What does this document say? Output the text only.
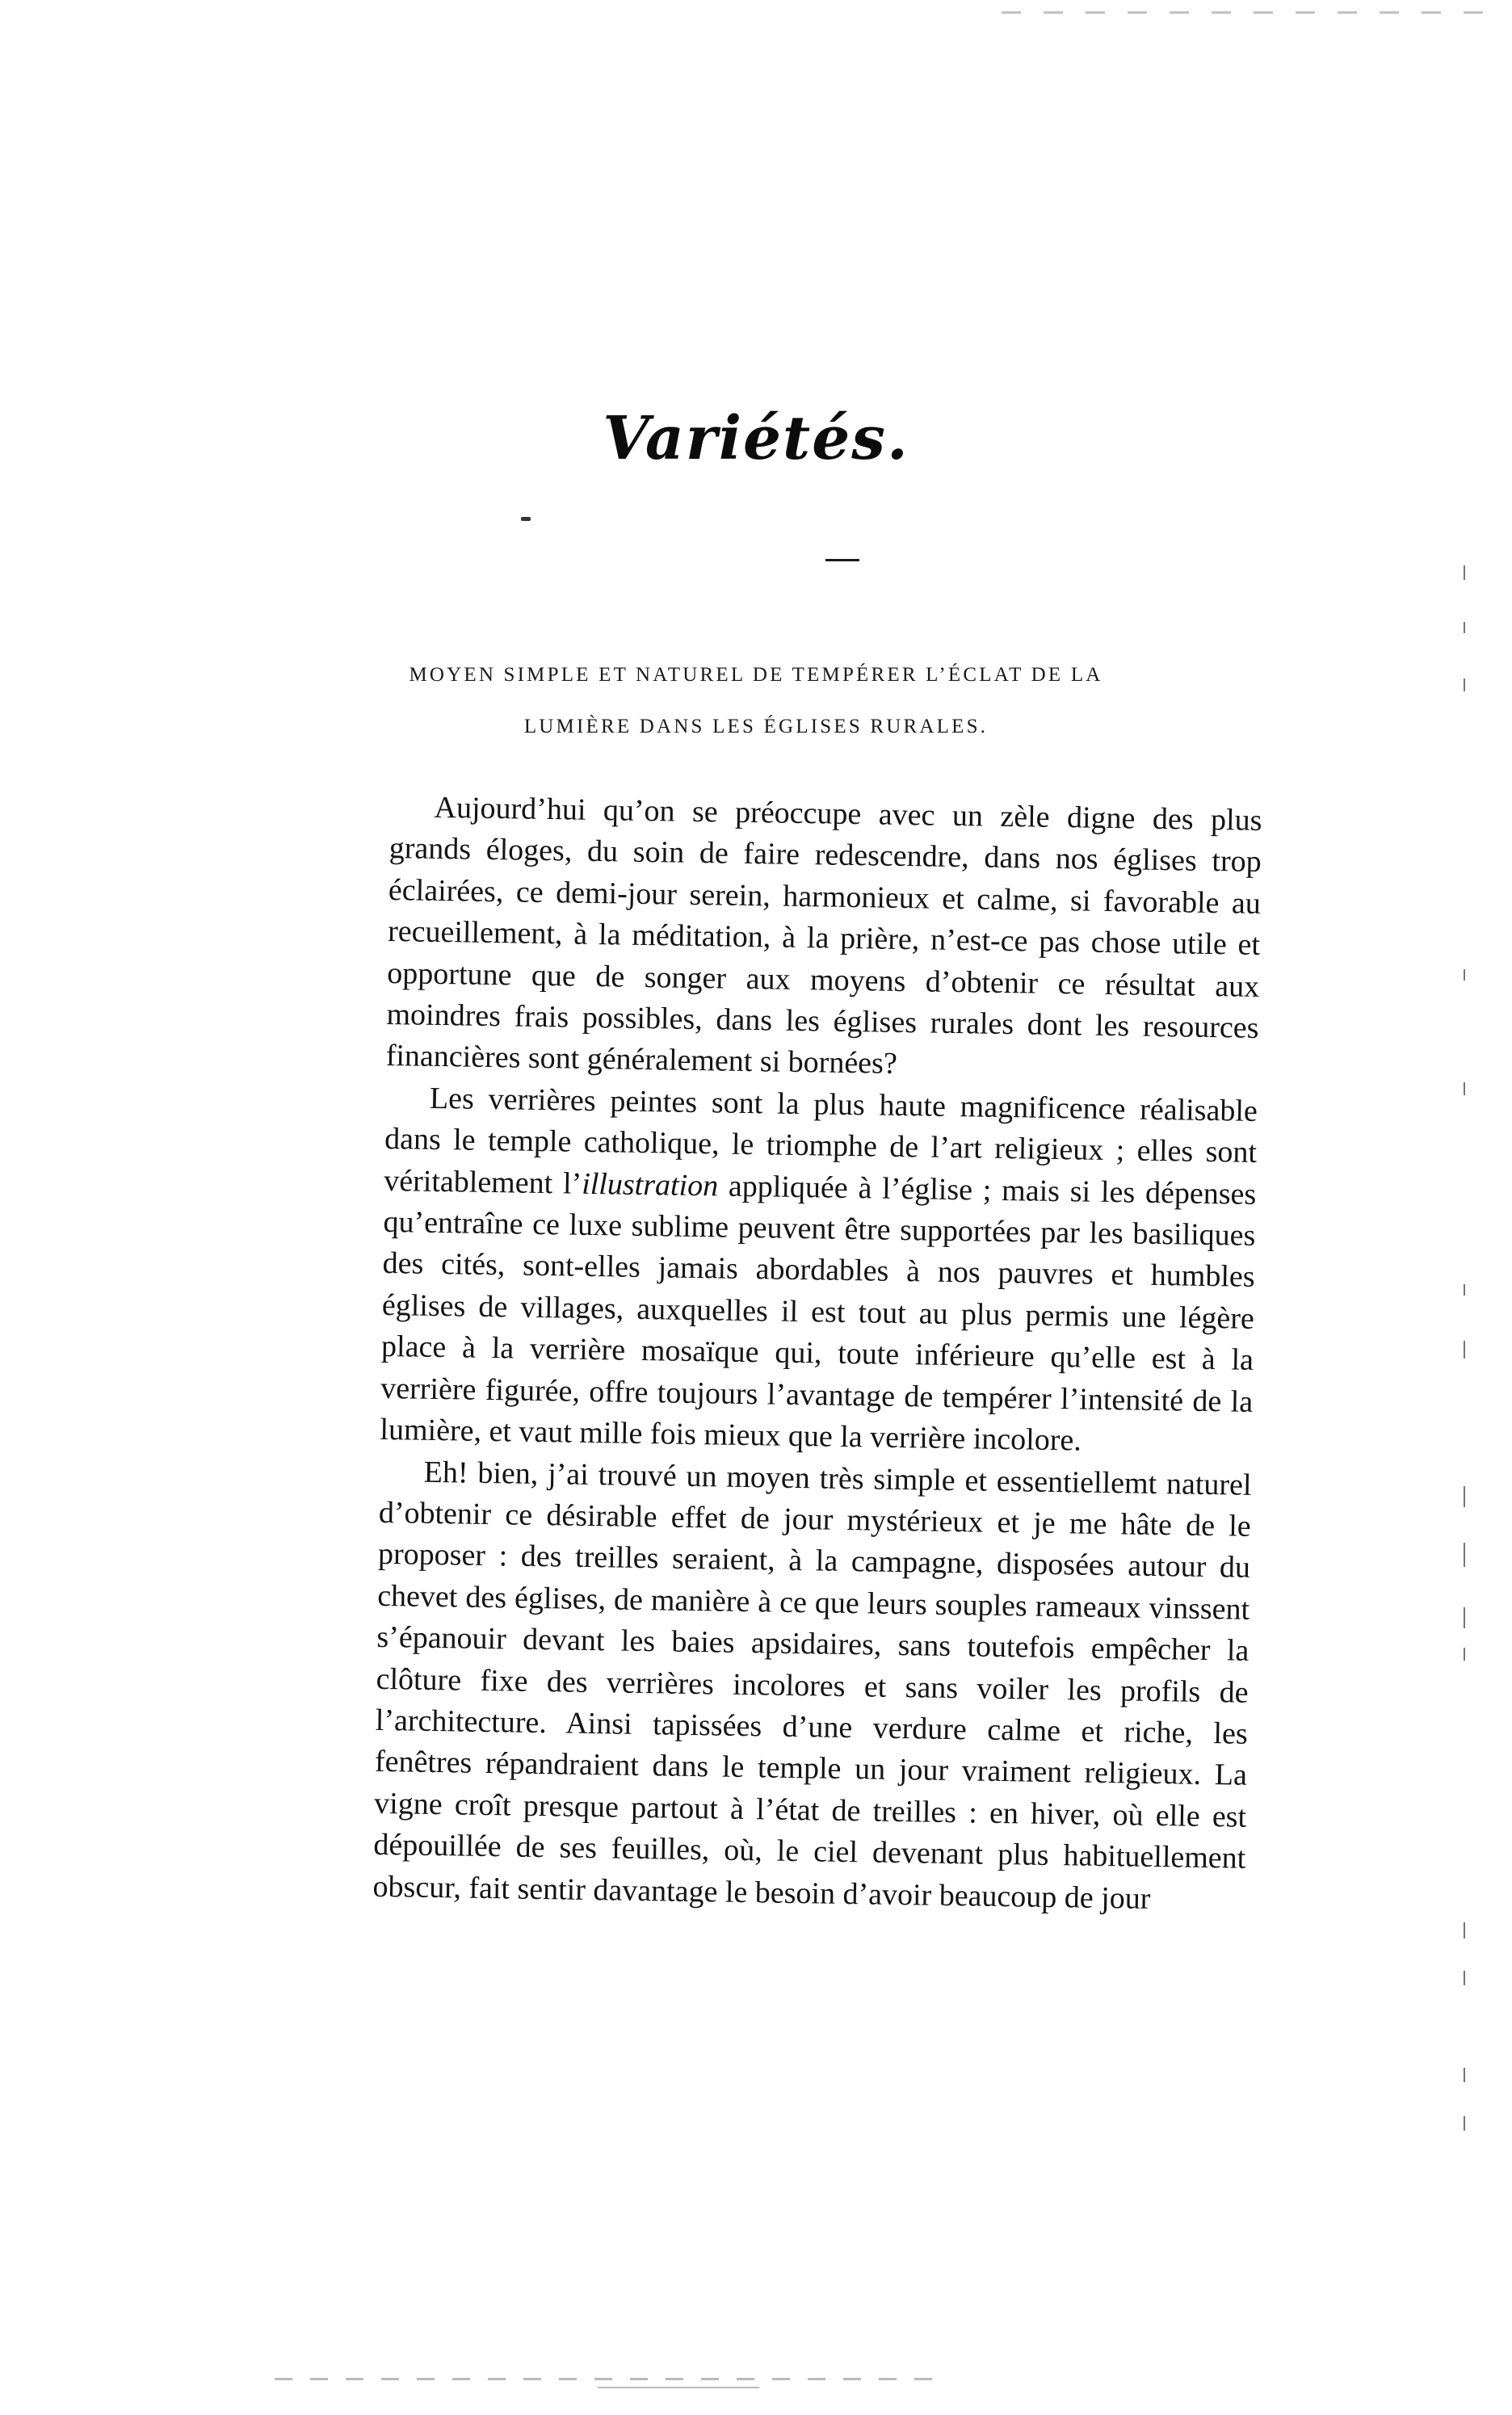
Variétés.
MOYEN SIMPLE ET NATUREL DE TEMPÉRER L’ÉCLAT DE LA
LUMIÈRE DANS LES ÉGLISES RURALES.

Aujourd’hui qu’on se préoccupe avec un zèle digne des plus grands éloges, du soin de faire redescendre, dans nos églises trop éclairées, ce demi-jour serein, harmonieux et calme, si favorable au recueillement, à la méditation, à la prière, n’est-ce pas chose utile et opportune que de songer aux moyens d’obtenir ce résultat aux moindres frais possibles, dans les églises rurales dont les resources financières sont généralement si bornées?

Les verrières peintes sont la plus haute magnificence réalisable dans le temple catholique, le triomphe de l’art religieux ; elles sont véritablement l’illustration appliquée à l’église ; mais si les dépenses qu’entraîne ce luxe sublime peuvent être supportées par les basiliques des cités, sont-elles jamais abordables à nos pauvres et humbles églises de villages, auxquelles il est tout au plus permis une légère place à la verrière mosaïque qui, toute inférieure qu’elle est à la verrière figurée, offre toujours l’avantage de tempérer l’intensité de la lumière, et vaut mille fois mieux que la verrière incolore.

Eh! bien, j’ai trouvé un moyen très simple et essentiellemt naturel d’obtenir ce désirable effet de jour mystérieux et je me hâte de le proposer : des treilles seraient, à la campagne, disposées autour du chevet des églises, de manière à ce que leurs souples rameaux vinssent s’épanouir devant les baies apsidaires, sans toutefois empêcher la clôture fixe des verrières incolores et sans voiler les profils de l’architecture. Ainsi tapissées d’une verdure calme et riche, les fenêtres répandraient dans le temple un jour vraiment religieux. La vigne croît presque partout à l’état de treilles : en hiver, où elle est dépouillée de ses feuilles, où, le ciel devenant plus habituellement obscur, fait sentir davantage le besoin d’avoir beaucoup de jour
